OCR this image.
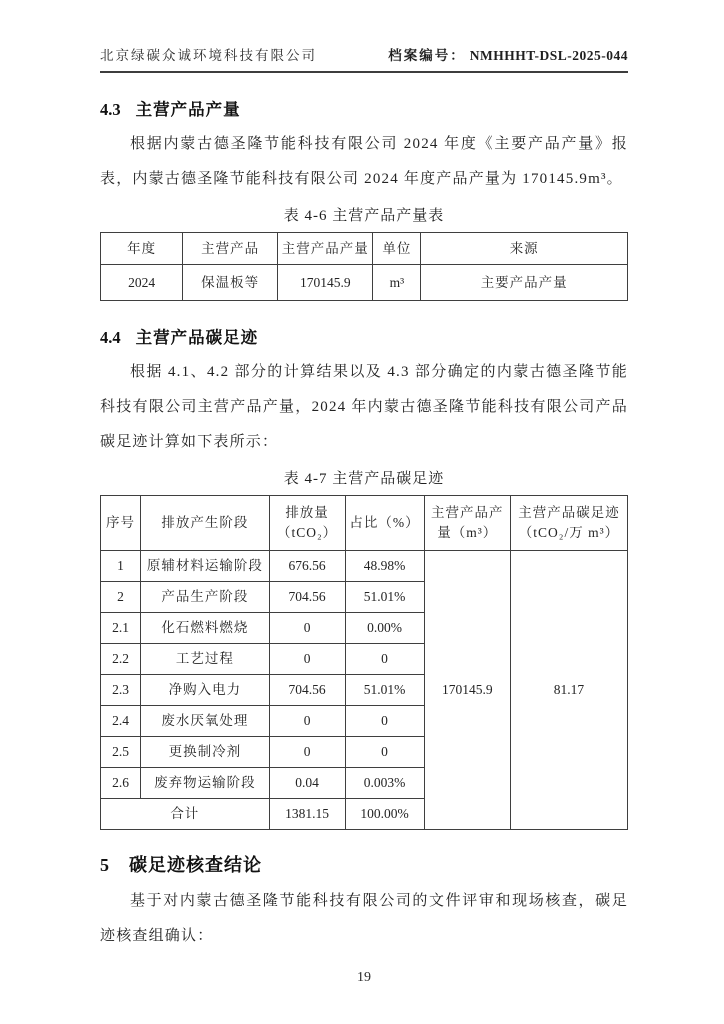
北京绿碳众诚环境科技有限公司	档案编号： NMHHHT-DSL-2025-044
4.3 主营产品产量

根据内蒙古德圣隆节能科技有限公司 2024 年度《主要产品产量》报表，内蒙古德圣隆节能科技有限公司 2024 年度产品产量为 170145.9m³。

表 4-6 主营产品产量表
年度	主营产品	主营产品产量	单位	来源
2024	保温板等	170145.9	m³	主要产品产量
4.4 主营产品碳足迹

根据 4.1、4.2 部分的计算结果以及 4.3 部分确定的内蒙古德圣隆节能科技有限公司主营产品产量，2024 年内蒙古德圣隆节能科技有限公司产品碳足迹计算如下表所示：

表 4-7 主营产品碳足迹
序号	排放产生阶段	排放量 （tCO₂）	占比（%）	主营产品产 量（m³）	主营产品碳足迹 （tCO₂/万 m³）
1	原辅材料运输阶段	676.56	48.98%	170145.9	81.17
2	产品生产阶段	704.56	51.01%		
2.1	化石燃料燃烧	0	0.00%		
2.2	工艺过程	0	0		
2.3	净购入电力	704.56	51.01%		
2.4	废水厌氧处理	0	0		
2.5	更换制冷剂	0	0		
2.6	废弃物运输阶段	0.04	0.003%		
合计		1381.15	100.00%		
5 碳足迹核查结论

基于对内蒙古德圣隆节能科技有限公司的文件评审和现场核查，碳足迹核查组确认：

19
